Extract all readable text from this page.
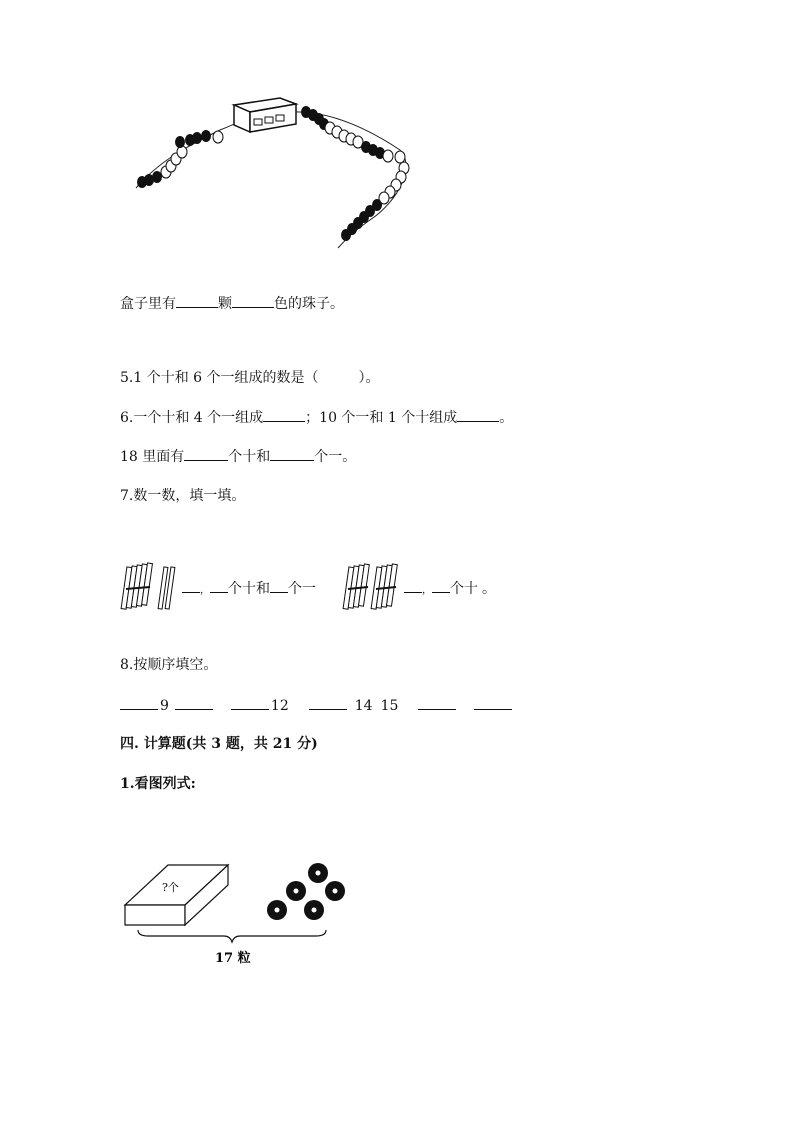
盒子里有	颗	色的珠子。
5.1 个十和 6 个一组成的数是（	）。
6.一个十和 4 个一组成	；10 个一和 1 个十组成	。
18 里面有	个十和	个一。
7.数一数，填一填。
， 个十和 个一	， 个十 。
8.按顺序填空。
9	12	14 15
四. 计算题(共 3 题，共 21 分)
1.看图列式:
?个
17 粒
